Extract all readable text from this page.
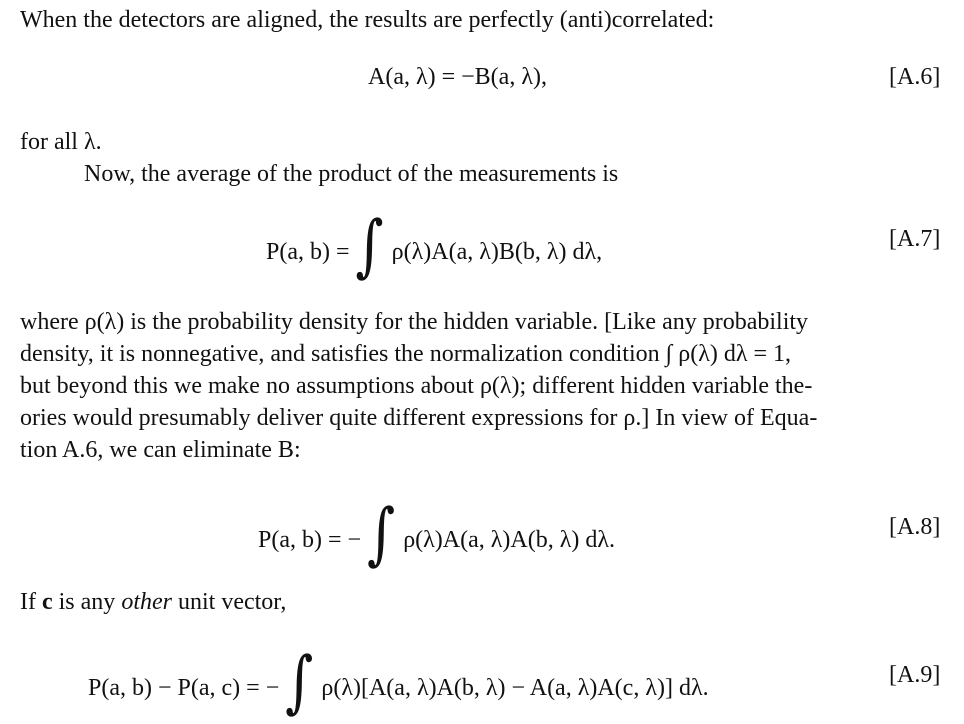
When the detectors are aligned, the results are perfectly (anti)correlated:
A(a, λ) = −B(a, λ),	[A.6]
for all λ.
Now, the average of the product of the measurements is
P(a, b) = ∫ ρ(λ)A(a, λ)B(b, λ) dλ,	[A.7]
where ρ(λ) is the probability density for the hidden variable. [Like any probability
density, it is nonnegative, and satisfies the normalization condition ∫ ρ(λ) dλ = 1,
but beyond this we make no assumptions about ρ(λ); different hidden variable the-
ories would presumably deliver quite different expressions for ρ.] In view of Equa-
tion A.6, we can eliminate B:
P(a, b) = − ∫ ρ(λ)A(a, λ)A(b, λ) dλ.	[A.8]
If c is any other unit vector,
P(a, b) − P(a, c) = − ∫ ρ(λ)[A(a, λ)A(b, λ) − A(a, λ)A(c, λ)] dλ.	[A.9]
